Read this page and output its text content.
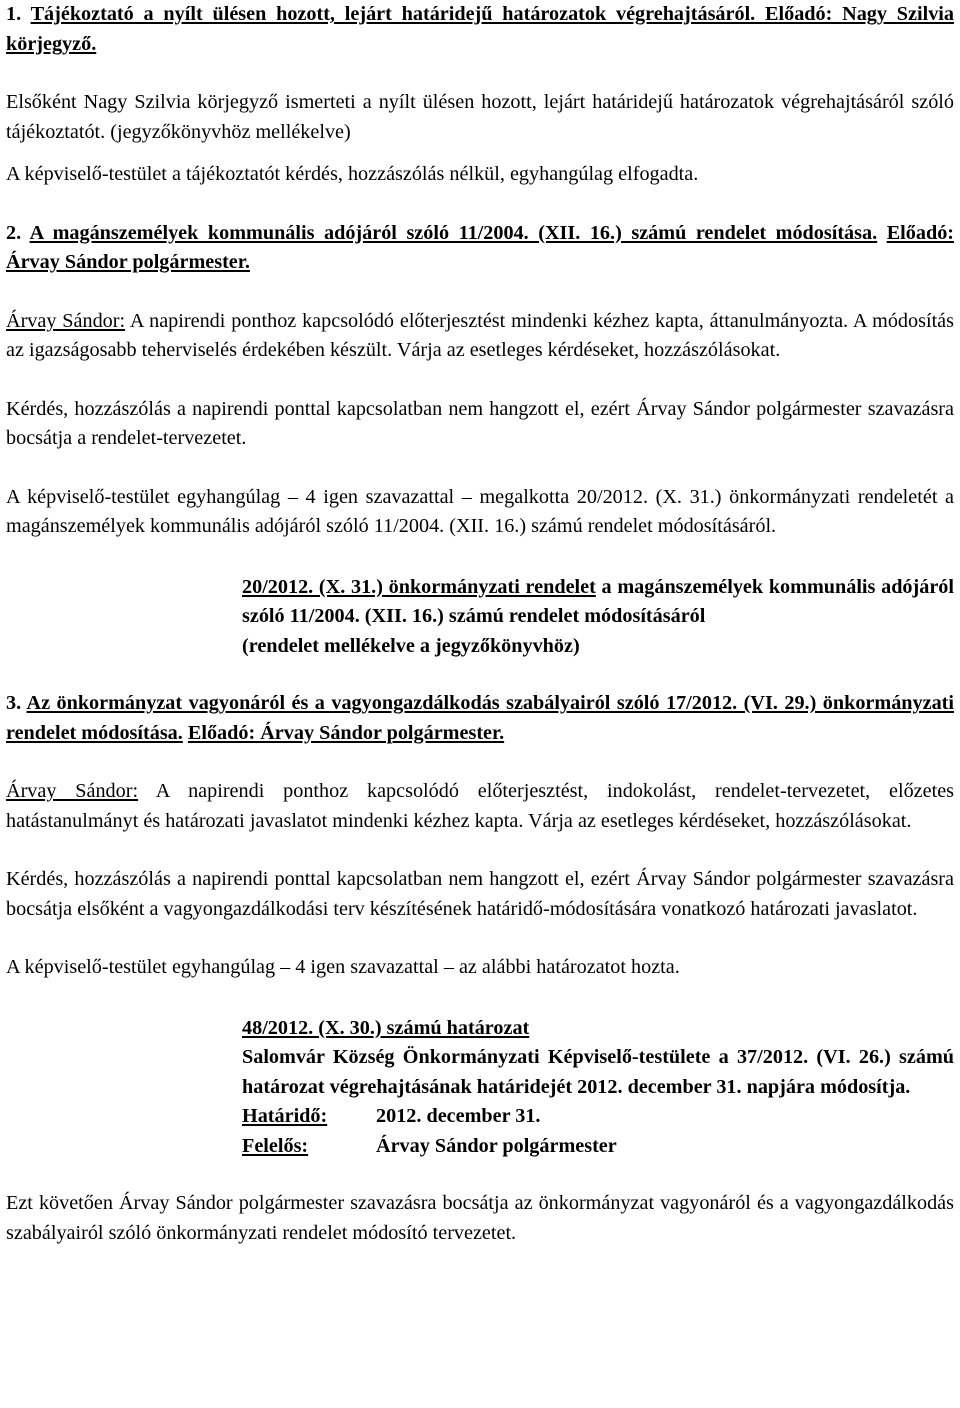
1. Tájékoztató a nyílt ülésen hozott, lejárt határidejű határozatok végrehajtásáról. Előadó: Nagy Szilvia körjegyző.

Elsőként Nagy Szilvia körjegyző ismerteti a nyílt ülésen hozott, lejárt határidejű határozatok végrehajtásáról szóló tájékoztatót. (jegyzőkönyvhöz mellékelve)

A képviselő-testület a tájékoztatót kérdés, hozzászólás nélkül, egyhangúlag elfogadta.

2. A magánszemélyek kommunális adójáról szóló 11/2004. (XII. 16.) számú rendelet módosítása. Előadó: Árvay Sándor polgármester.

Árvay Sándor: A napirendi ponthoz kapcsolódó előterjesztést mindenki kézhez kapta, áttanulmányozta. A módosítás az igazságosabb teherviselés érdekében készült. Várja az esetleges kérdéseket, hozzászólásokat.

Kérdés, hozzászólás a napirendi ponttal kapcsolatban nem hangzott el, ezért Árvay Sándor polgármester szavazásra bocsátja a rendelet-tervezetet.

A képviselő-testület egyhangúlag – 4 igen szavazattal – megalkotta 20/2012. (X. 31.) önkormányzati rendeletét a magánszemélyek kommunális adójáról szóló 11/2004. (XII. 16.) számú rendelet módosításáról.

20/2012. (X. 31.) önkormányzati rendelet a magánszemélyek kommunális adójáról szóló 11/2004. (XII. 16.) számú rendelet módosításáról

(rendelet mellékelve a jegyzőkönyvhöz)

3. Az önkormányzat vagyonáról és a vagyongazdálkodás szabályairól szóló 17/2012. (VI. 29.) önkormányzati rendelet módosítása. Előadó: Árvay Sándor polgármester.

Árvay Sándor: A napirendi ponthoz kapcsolódó előterjesztést, indokolást, rendelet-tervezetet, előzetes hatástanulmányt és határozati javaslatot mindenki kézhez kapta. Várja az esetleges kérdéseket, hozzászólásokat.

Kérdés, hozzászólás a napirendi ponttal kapcsolatban nem hangzott el, ezért Árvay Sándor polgármester szavazásra bocsátja elsőként a vagyongazdálkodási terv készítésének határidő-módosítására vonatkozó határozati javaslatot.

A képviselő-testület egyhangúlag – 4 igen szavazattal – az alábbi határozatot hozta.

48/2012. (X. 30.) számú határozat

Salomvár Község Önkormányzati Képviselő-testülete a 37/2012. (VI. 26.) számú határozat végrehajtásának határidejét 2012. december 31. napjára módosítja.

Határidő: 2012. december 31.

Felelős:	Árvay Sándor polgármester

Ezt követően Árvay Sándor polgármester szavazásra bocsátja az önkormányzat vagyonáról és a vagyongazdálkodás szabályairól szóló önkormányzati rendelet módosító tervezetet.
